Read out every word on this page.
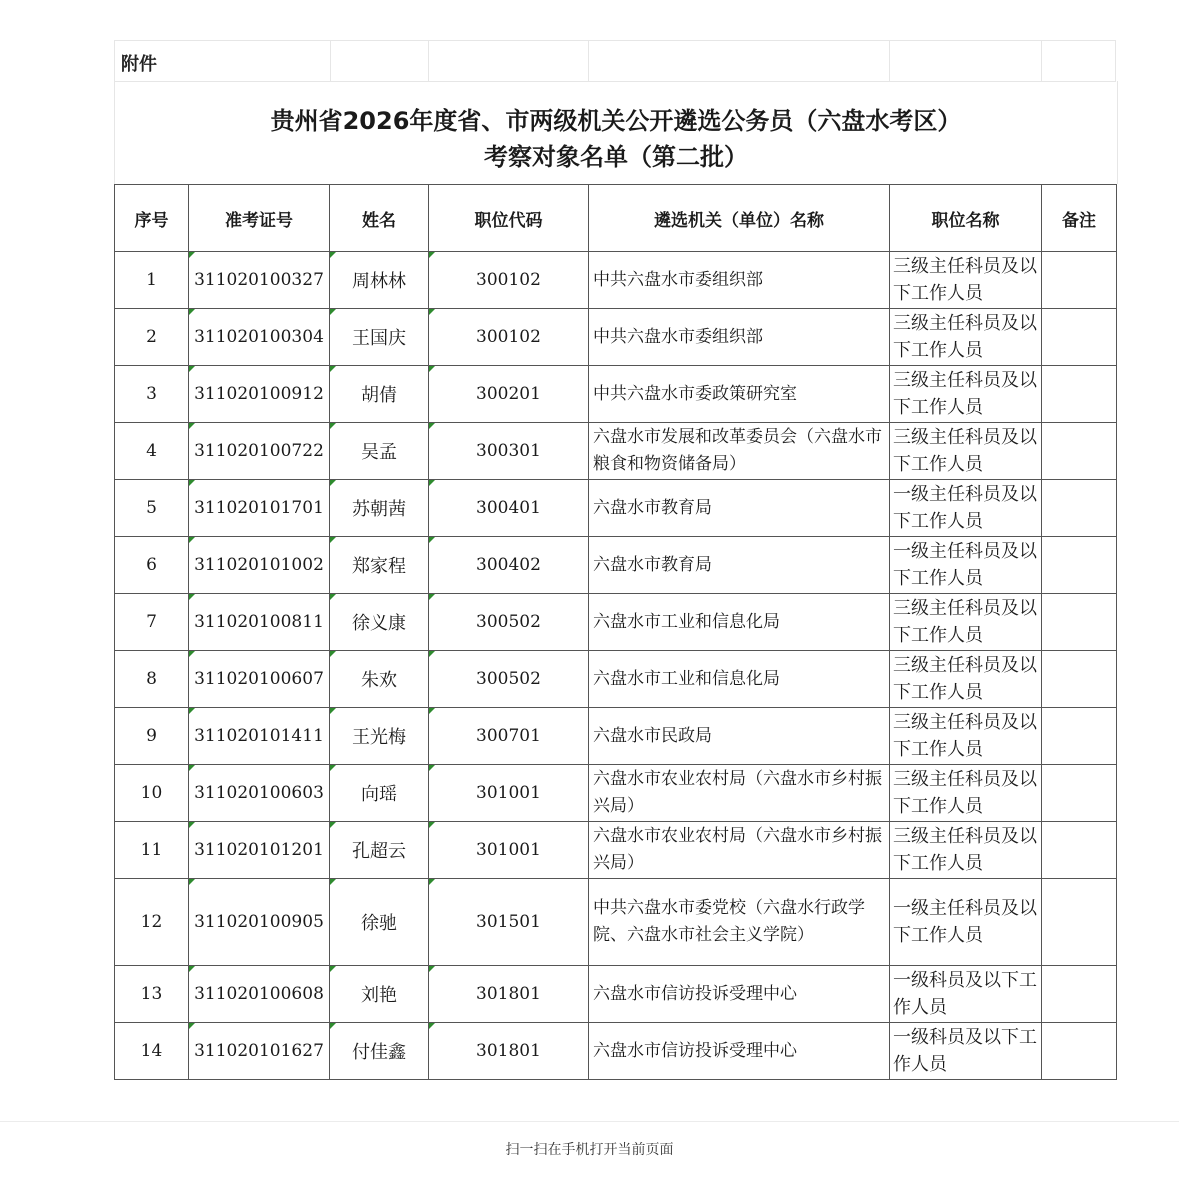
附件
贵州省2026年度省、市两级机关公开遴选公务员（六盘水考区）
考察对象名单（第二批）
序号	准考证号	姓名	职位代码	遴选机关（单位）名称	职位名称	备注
1	311020100327	周林林	300102	中共六盘水市委组织部	三级主任科员及以下工作人员	
2	311020100304	王国庆	300102	中共六盘水市委组织部	三级主任科员及以下工作人员	
3	311020100912	胡倩	300201	中共六盘水市委政策研究室	三级主任科员及以下工作人员	
4	311020100722	吴孟	300301	六盘水市发展和改革委员会（六盘水市粮食和物资储备局）	三级主任科员及以下工作人员	
5	311020101701	苏朝茜	300401	六盘水市教育局	一级主任科员及以下工作人员	
6	311020101002	郑家程	300402	六盘水市教育局	一级主任科员及以下工作人员	
7	311020100811	徐义康	300502	六盘水市工业和信息化局	三级主任科员及以下工作人员	
8	311020100607	朱欢	300502	六盘水市工业和信息化局	三级主任科员及以下工作人员	
9	311020101411	王光梅	300701	六盘水市民政局	三级主任科员及以下工作人员	
10	311020100603	向瑶	301001	六盘水市农业农村局（六盘水市乡村振兴局）	三级主任科员及以下工作人员	
11	311020101201	孔超云	301001	六盘水市农业农村局（六盘水市乡村振兴局）	三级主任科员及以下工作人员	
12	311020100905	徐驰	301501	中共六盘水市委党校（六盘水行政学院、六盘水市社会主义学院）	一级主任科员及以下工作人员	
13	311020100608	刘艳	301801	六盘水市信访投诉受理中心	一级科员及以下工作人员	
14	311020101627	付佳鑫	301801	六盘水市信访投诉受理中心	一级科员及以下工作人员	
扫一扫在手机打开当前页面
